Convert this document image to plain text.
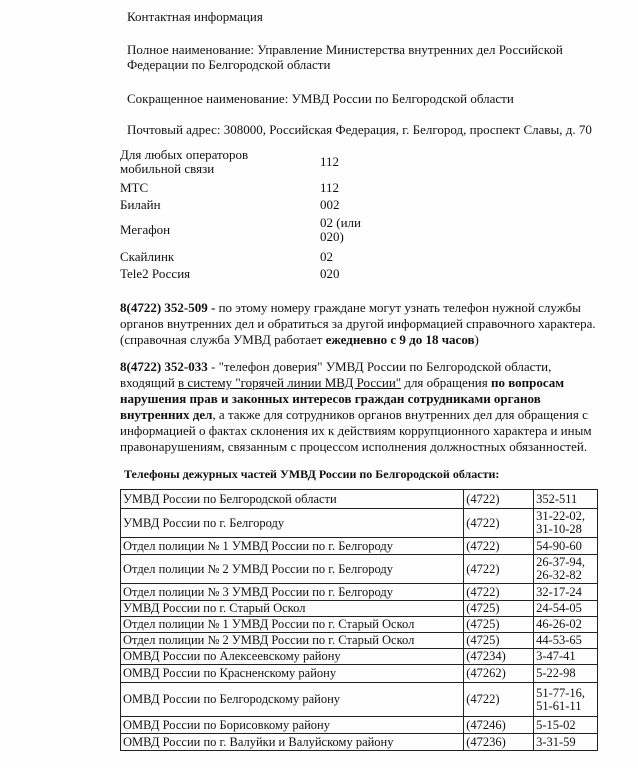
Контактная информация

Полное наименование: Управление Министерства внутренних дел Российской

Федерации по Белгородской области

Сокращенное наименование: УМВД России по Белгородской области

Почтовый адрес: 308000, Российская Федерация, г. Белгород, проспект Славы, д. 70

Для любых операторов
мобильной связи	112
МТС	112
Билайн	002
Мегафон	02 (или
020)
Скайлинк	02
Tele2 Россия	020

8(4722) 352-509 - по этому номеру граждане могут узнать телефон нужной службы

органов внутренних дел и обратиться за другой информацией справочного характера.

(справочная служба УМВД работает ежедневно с 9 до 18 часов)

8(4722) 352-033 - "телефон доверия" УМВД России по Белгородской области,

входящий в систему "горячей линии МВД России" для обращения по вопросам

нарушения прав и законных интересов граждан сотрудниками органов

внутренних дел, а также для сотрудников органов внутренних дел для обращения с

информацией о фактах склонения их к действиям коррупционного характера и иным

правонарушениям, связанным с процессом исполнения должностных обязанностей.

Телефоны дежурных частей УМВД России по Белгородской области:

УМВД России по Белгородской области	(4722)	352-511
УМВД России по г. Белгороду	(4722)	31-22-02,
31-10-28
Отдел полиции № 1 УМВД России по г. Белгороду	(4722)	54-90-60
Отдел полиции № 2 УМВД России по г. Белгороду	(4722)	26-37-94,
26-32-82
Отдел полиции № 3 УМВД России по г. Белгороду	(4722)	32-17-24
УМВД России по г. Старый Оскол	(4725)	24-54-05
Отдел полиции № 1 УМВД России по г. Старый Оскол	(4725)	46-26-02
Отдел полиции № 2 УМВД России по г. Старый Оскол	(4725)	44-53-65
ОМВД России по Алексеевскому району	(47234)	3-47-41
ОМВД России по Красненскому району	(47262)	5-22-98
ОМВД России по Белгородскому району	(4722)	51-77-16,
51-61-11
ОМВД России по Борисовкому району	(47246)	5-15-02
ОМВД России по г. Валуйки и Валуйскому району	(47236)	3-31-59
